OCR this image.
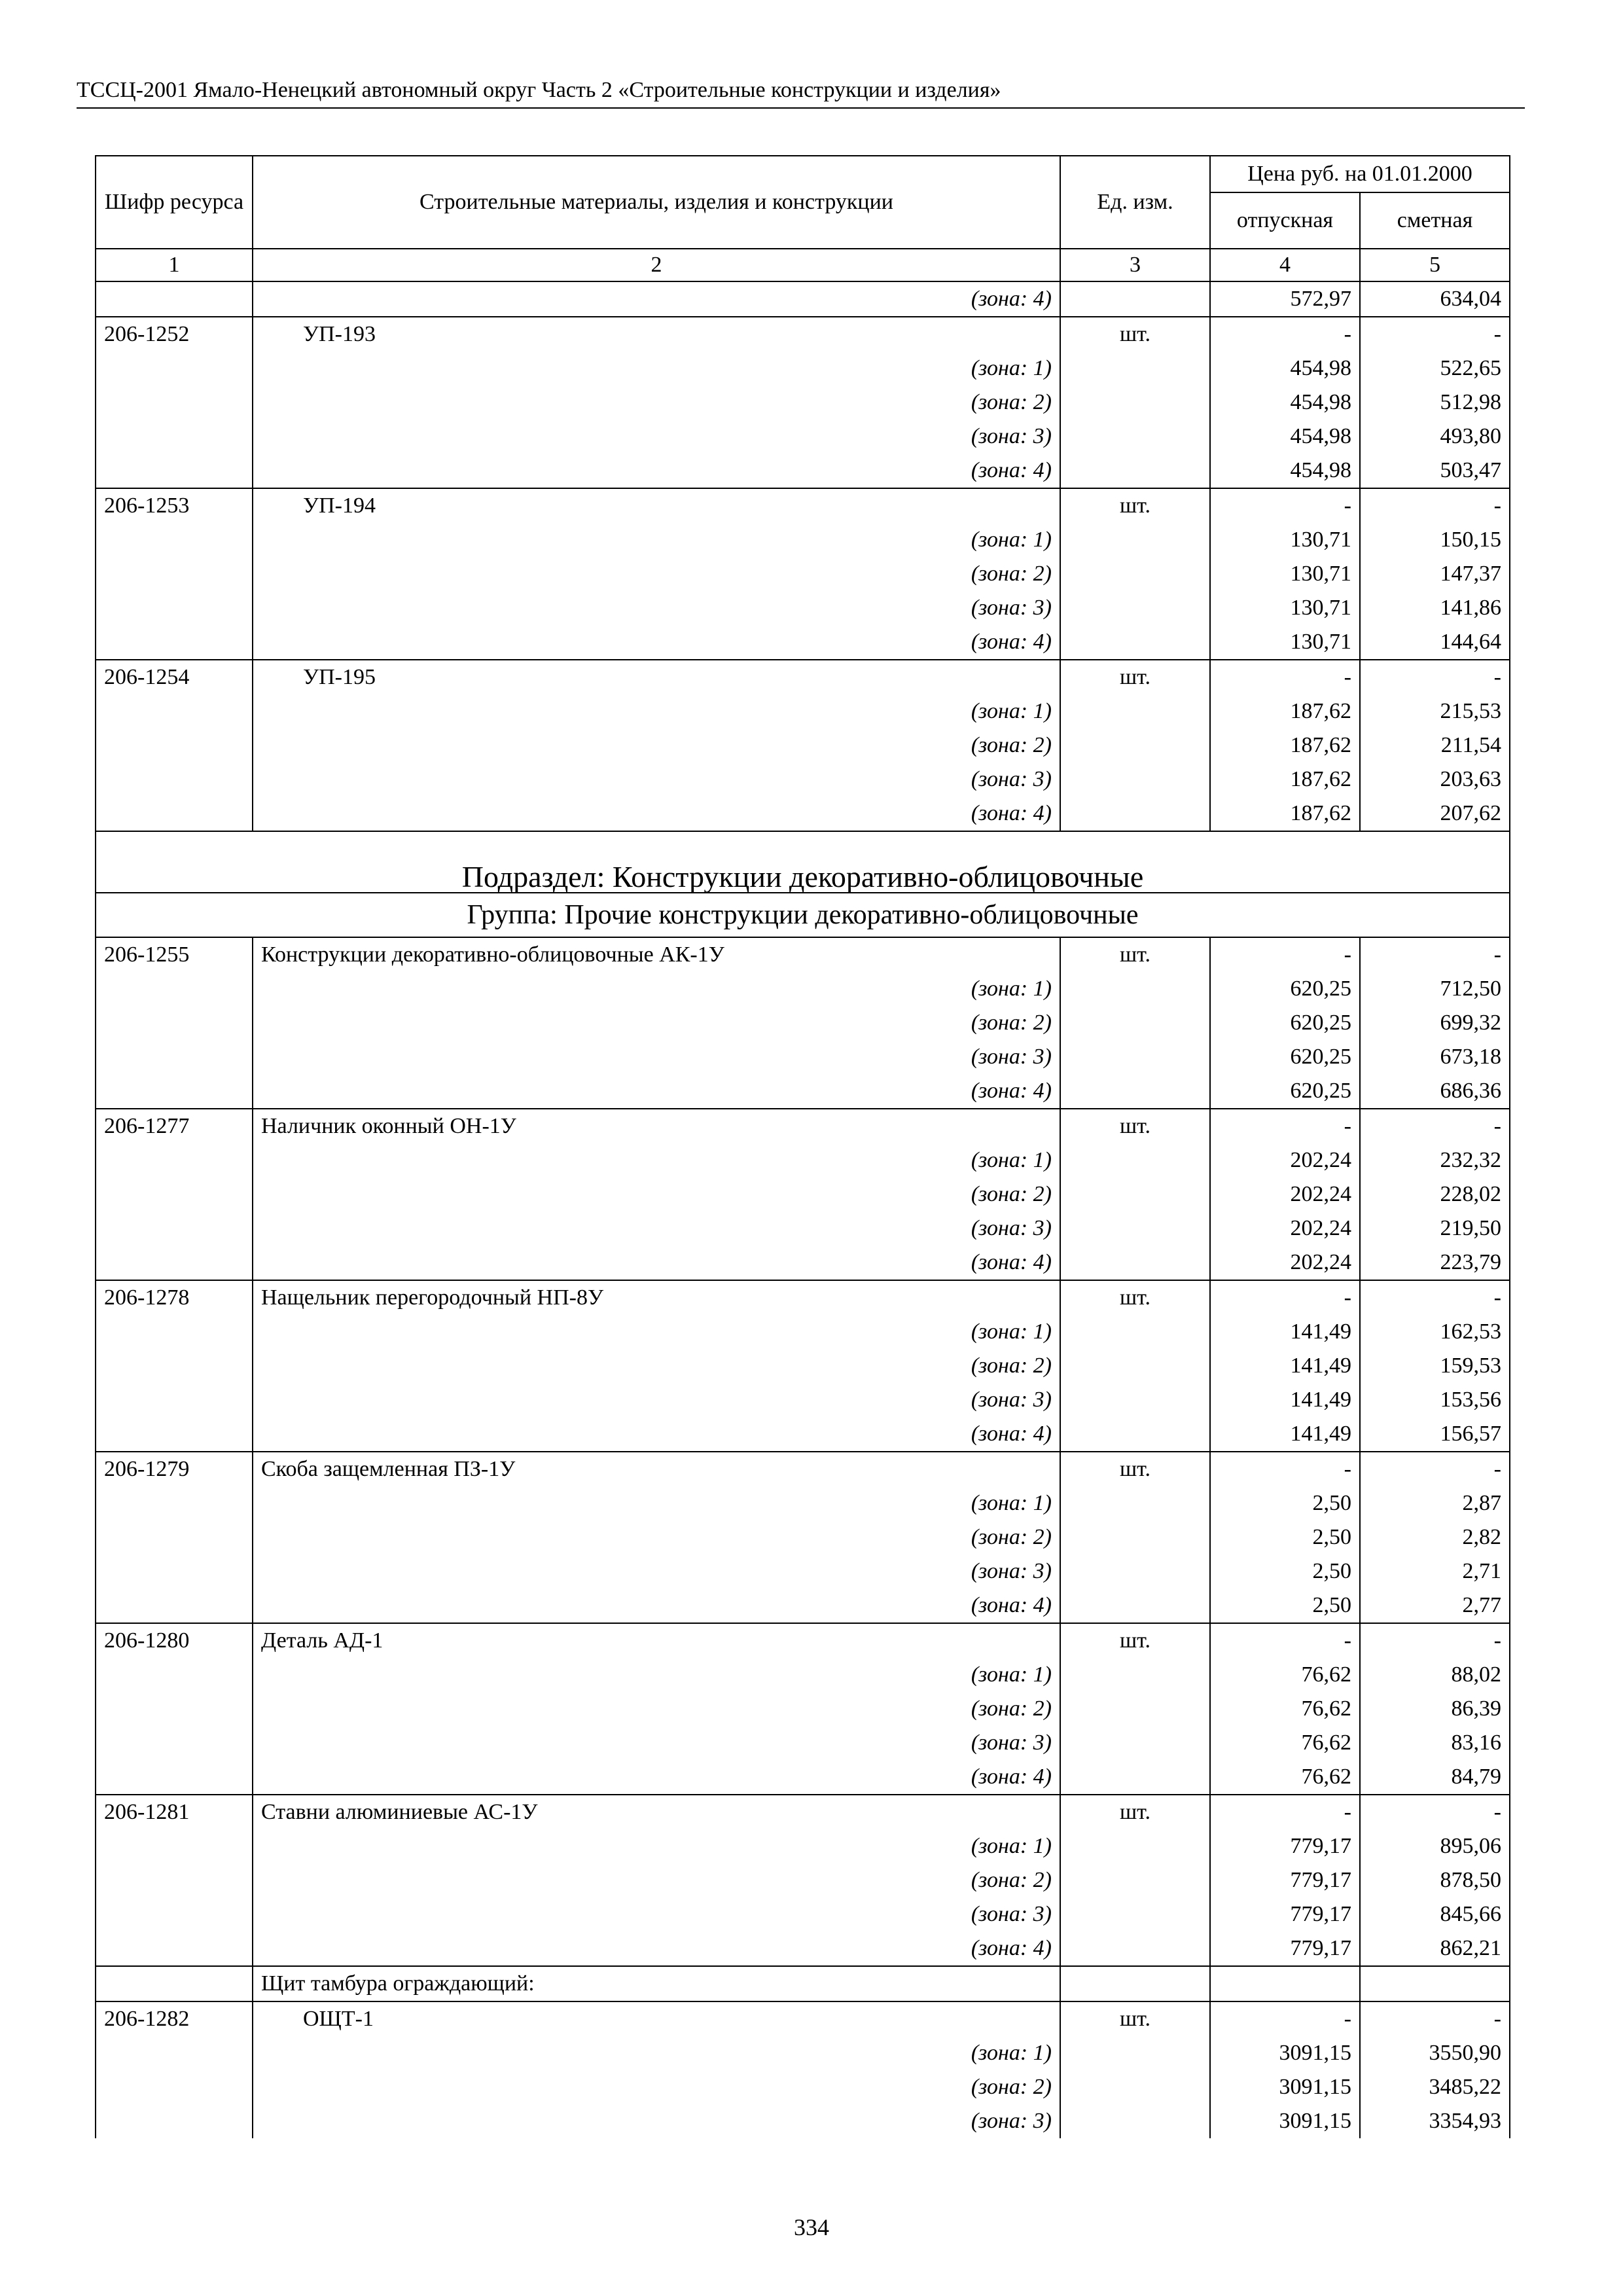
ТССЦ-2001 Ямало-Ненецкий автономный округ Часть 2 «Строительные конструкции и изделия»
Шифр ресурса	Строительные материалы, изделия и конструкции	Ед. изм.	Цена руб. на 01.01.2000	
			отпускная	сметная
1	2	3	4	5
	(зона: 4)		572,97	634,04
206-1252	УП-193	шт.	-	-
	(зона: 1)		454,98	522,65
	(зона: 2)		454,98	512,98
	(зона: 3)		454,98	493,80
	(зона: 4)		454,98	503,47
206-1253	УП-194	шт.	-	-
	(зона: 1)		130,71	150,15
	(зона: 2)		130,71	147,37
	(зона: 3)		130,71	141,86
	(зона: 4)		130,71	144,64
206-1254	УП-195	шт.	-	-
	(зона: 1)		187,62	215,53
	(зона: 2)		187,62	211,54
	(зона: 3)		187,62	203,63
	(зона: 4)		187,62	207,62
Подраздел: Конструкции декоративно-облицовочные				
Группа: Прочие конструкции декоративно-облицовочные				
206-1255	Конструкции декоративно-облицовочные АК-1У	шт.	-	-
	(зона: 1)		620,25	712,50
	(зона: 2)		620,25	699,32
	(зона: 3)		620,25	673,18
	(зона: 4)		620,25	686,36
206-1277	Наличник оконный ОН-1У	шт.	-	-
	(зона: 1)		202,24	232,32
	(зона: 2)		202,24	228,02
	(зона: 3)		202,24	219,50
	(зона: 4)		202,24	223,79
206-1278	Нащельник перегородочный НП-8У	шт.	-	-
	(зона: 1)		141,49	162,53
	(зона: 2)		141,49	159,53
	(зона: 3)		141,49	153,56
	(зона: 4)		141,49	156,57
206-1279	Скоба защемленная ПЗ-1У	шт.	-	-
	(зона: 1)		2,50	2,87
	(зона: 2)		2,50	2,82
	(зона: 3)		2,50	2,71
	(зона: 4)		2,50	2,77
206-1280	Деталь АД-1	шт.	-	-
	(зона: 1)		76,62	88,02
	(зона: 2)		76,62	86,39
	(зона: 3)		76,62	83,16
	(зона: 4)		76,62	84,79
206-1281	Ставни алюминиевые АС-1У	шт.	-	-
	(зона: 1)		779,17	895,06
	(зона: 2)		779,17	878,50
	(зона: 3)		779,17	845,66
	(зона: 4)		779,17	862,21
	Щит тамбура ограждающий:			
206-1282	ОЩТ-1	шт.	-	-
	(зона: 1)		3091,15	3550,90
	(зона: 2)		3091,15	3485,22
	(зона: 3)		3091,15	3354,93
334
